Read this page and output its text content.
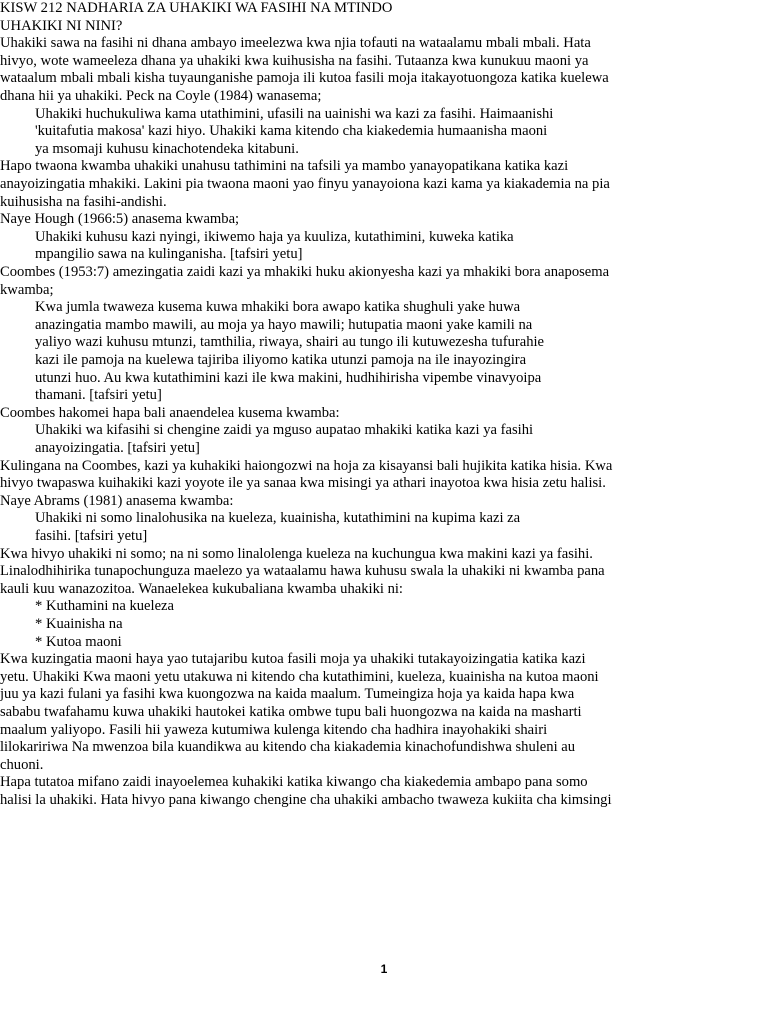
KISW 212 NADHARIA ZA UHAKIKI WA FASIHI NA MTINDO
UHAKIKI NI NINI?
Uhakiki sawa na fasihi ni dhana ambayo imeelezwa kwa njia tofauti na wataalamu mbali mbali. Hata
hivyo, wote wameeleza dhana ya uhakiki kwa kuihusisha na fasihi. Tutaanza kwa kunukuu maoni ya
wataalum mbali mbali kisha tuyaunganishe pamoja ili kutoa fasili moja itakayotuongoza katika kuelewa
dhana hii ya uhakiki. Peck na Coyle (1984) wanasema;
Uhakiki huchukuliwa kama utathimini, ufasili na uainishi wa kazi za fasihi. Haimaanishi
'kuitafutia makosa' kazi hiyo. Uhakiki kama kitendo cha kiakedemia humaanisha maoni
ya msomaji kuhusu kinachotendeka kitabuni.
Hapo twaona kwamba uhakiki unahusu tathimini na tafsili ya mambo yanayopatikana katika kazi
anayoizingatia mhakiki. Lakini pia twaona maoni yao finyu yanayoiona kazi kama ya kiakademia na pia
kuihusisha na fasihi-andishi.
Naye Hough (1966:5) anasema kwamba;
Uhakiki kuhusu kazi nyingi, ikiwemo haja ya kuuliza, kutathimini, kuweka katika
mpangilio sawa na kulinganisha. [tafsiri yetu]
Coombes (1953:7) amezingatia zaidi kazi ya mhakiki huku akionyesha kazi ya mhakiki bora anaposema
kwamba;
Kwa jumla twaweza kusema kuwa mhakiki bora awapo katika shughuli yake huwa
anazingatia mambo mawili, au moja ya hayo mawili; hutupatia maoni yake kamili na
yaliyo wazi kuhusu mtunzi, tamthilia, riwaya, shairi au tungo ili kutuwezesha tufurahie
kazi ile pamoja na kuelewa tajiriba iliyomo katika utunzi pamoja na ile inayozingira
utunzi huo. Au kwa kutathimini kazi ile kwa makini, hudhihirisha vipembe vinavyoipa
thamani. [tafsiri yetu]
Coombes hakomei hapa bali anaendelea kusema kwamba:
Uhakiki wa kifasihi si chengine zaidi ya mguso aupatao mhakiki katika kazi ya fasihi
anayoizingatia. [tafsiri yetu]
Kulingana na Coombes, kazi ya kuhakiki haiongozwi na hoja za kisayansi bali hujikita katika hisia. Kwa
hivyo twapaswa kuihakiki kazi yoyote ile ya sanaa kwa misingi ya athari inayotoa kwa hisia zetu halisi.
Naye Abrams (1981) anasema kwamba:
Uhakiki ni somo linalohusika na kueleza, kuainisha, kutathimini na kupima kazi za
fasihi. [tafsiri yetu]
Kwa hivyo uhakiki ni somo; na ni somo linalolenga kueleza na kuchungua kwa makini kazi ya fasihi.
Linalodhihirika tunapochunguza maelezo ya wataalamu hawa kuhusu swala la uhakiki ni kwamba pana
kauli kuu wanazozitoa. Wanaelekea kukubaliana kwamba uhakiki ni:
* Kuthamini na kueleza
* Kuainisha na
* Kutoa maoni
Kwa kuzingatia maoni haya yao tutajaribu kutoa fasili moja ya uhakiki tutakayoizingatia katika kazi
yetu. Uhakiki Kwa maoni yetu utakuwa ni kitendo cha kutathimini, kueleza, kuainisha na kutoa maoni
juu ya kazi fulani ya fasihi kwa kuongozwa na kaida maalum. Tumeingiza hoja ya kaida hapa kwa
sababu twafahamu kuwa uhakiki hautokei katika ombwe tupu bali huongozwa na kaida na masharti
maalum yaliyopo. Fasili hii yaweza kutumiwa kulenga kitendo cha hadhira inayohakiki shairi
lilokaririwa Na mwenzoa bila kuandikwa au kitendo cha kiakademia kinachofundishwa shuleni au
chuoni.
Hapa tutatoa mifano zaidi inayoelemea kuhakiki katika kiwango cha kiakedemia ambapo pana somo
halisi la uhakiki. Hata hivyo pana kiwango chengine cha uhakiki ambacho twaweza kukiita cha kimsingi
1
